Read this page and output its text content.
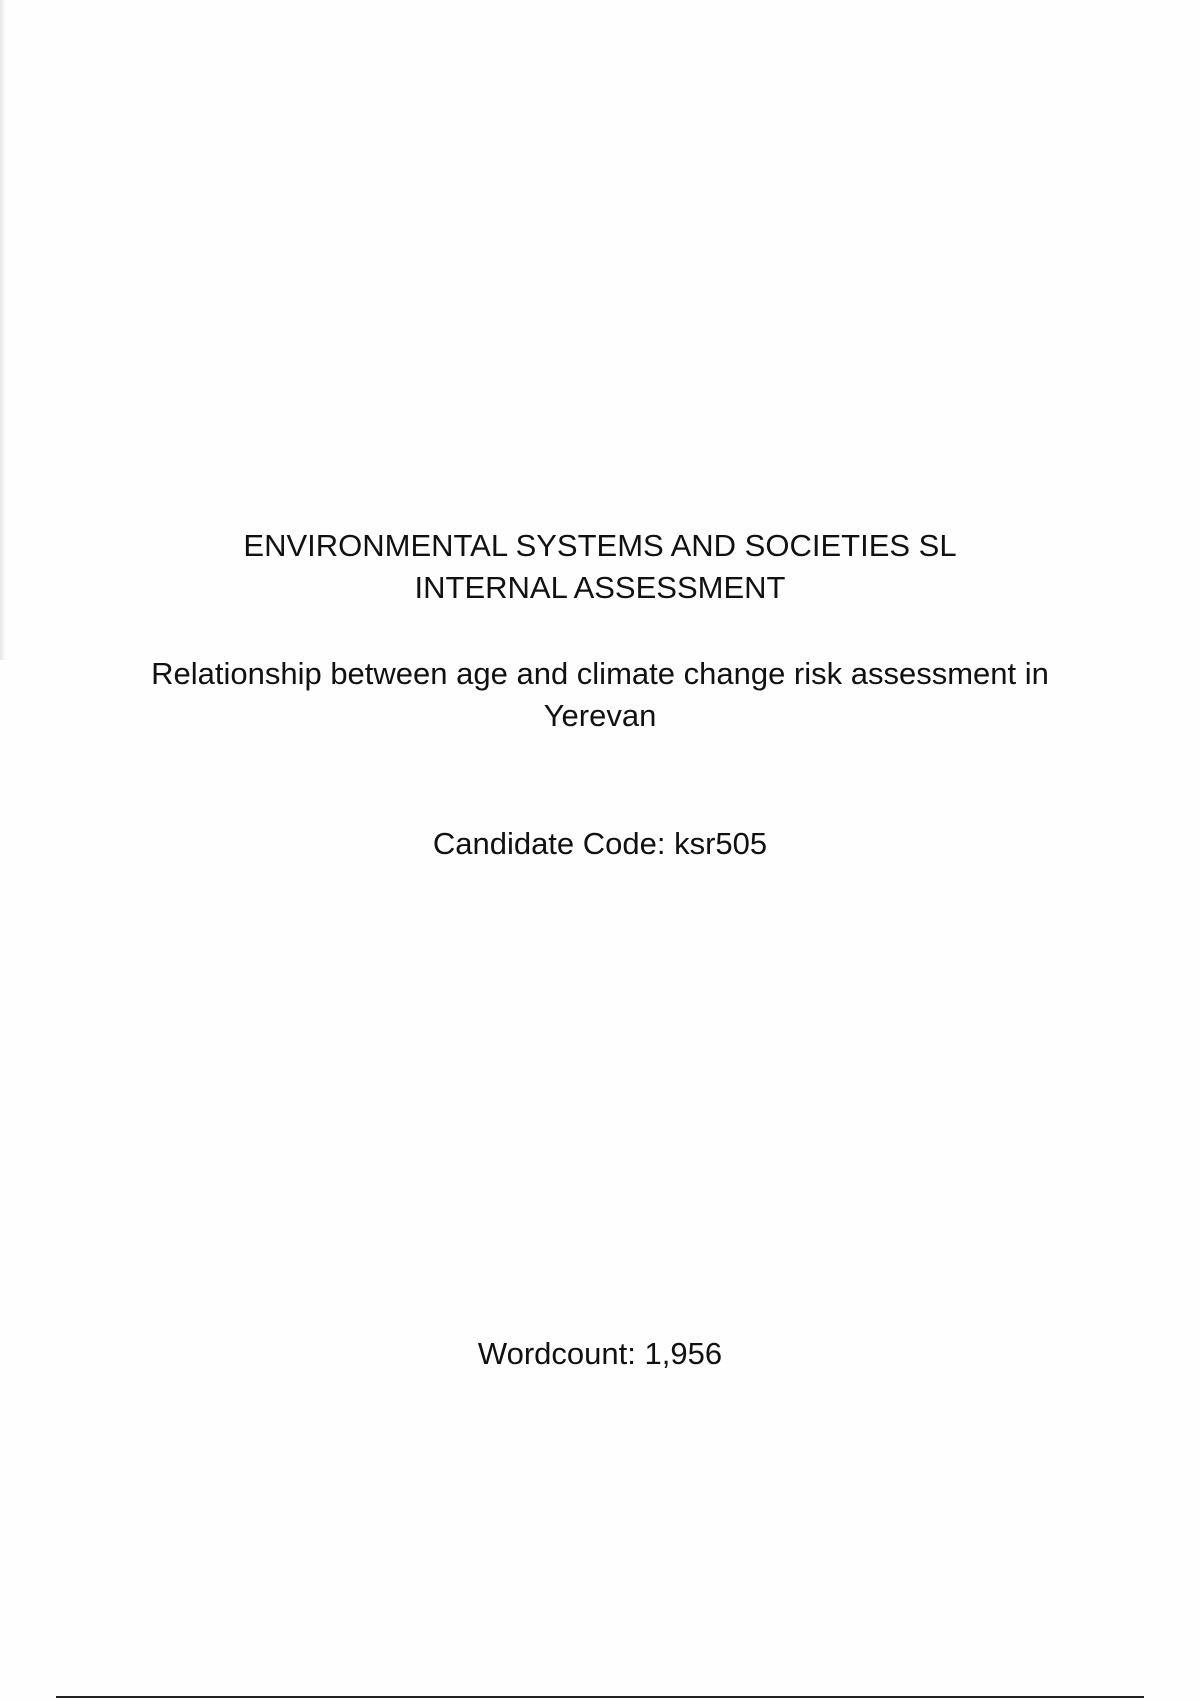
ENVIRONMENTAL SYSTEMS AND SOCIETIES SL
INTERNAL ASSESSMENT
Relationship between age and climate change risk assessment in
Yerevan
Candidate Code: ksr505
Wordcount: 1,956
